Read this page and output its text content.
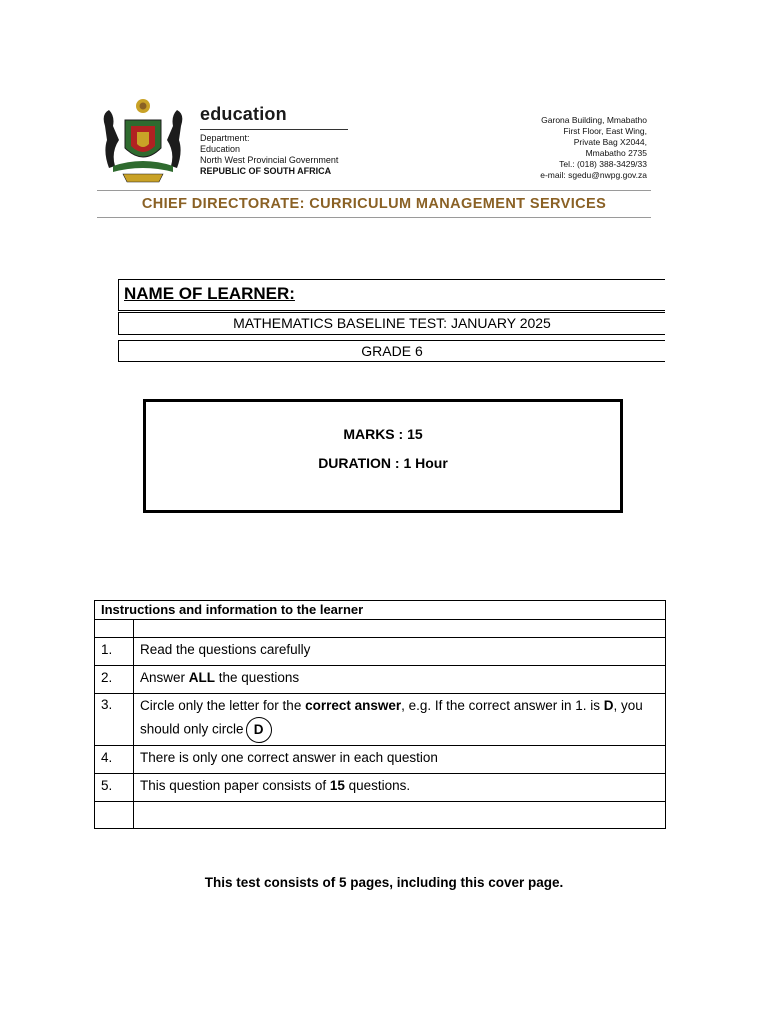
education
Department:
Education
North West Provincial Government
REPUBLIC OF SOUTH AFRICA
Garona Building, Mmabatho
First Floor, East Wing,
Private Bag X2044,
Mmabatho 2735
Tel.: (018) 388-3429/33
e-mail: sgedu@nwpg.gov.za
CHIEF DIRECTORATE: CURRICULUM MANAGEMENT SERVICES
NAME OF LEARNER:
MATHEMATICS BASELINE TEST: JANUARY 2025
GRADE 6
MARKS : 15
DURATION : 1 Hour
Instructions and information to the learner	

1.	Read the questions carefully
2.	Answer ALL the questions
3.	Circle only the letter for the correct answer, e.g. If the correct answer in 1. is D, you should only circle D
4.	There is only one correct answer in each question
5.	This question paper consists of 15 questions.

This test consists of 5 pages, including this cover page.
